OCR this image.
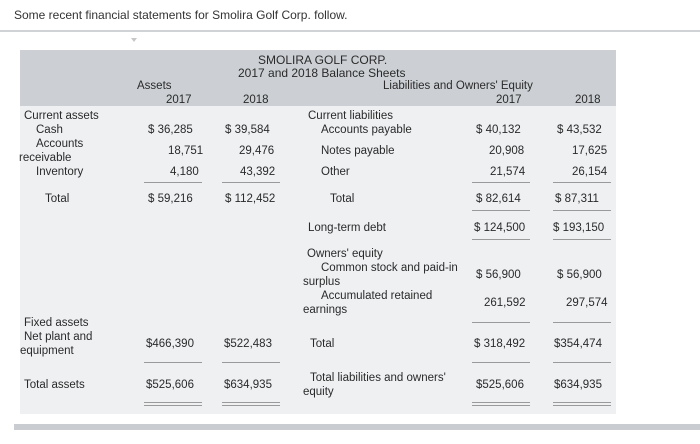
Some recent financial statements for Smolira Golf Corp. follow.
SMOLIRA GOLF CORP.
2017 and 2018 Balance Sheets
Assets	Liabilities and Owners' Equity
2017	2018	2017	2018
Current assets
Cash	$ 36,285	$ 39,584
Accounts
receivable
18,751	29,476
Inventory	4,180	43,392
Total	$ 59,216	$ 112,452
Fixed assets
Net plant and
equipment
$466,390	$522,483
Total assets	$525,606	$634,935
Current liabilities
Accounts payable	$ 40,132	$ 43,532
Notes payable	20,908	17,625
Other	21,574	26,154
Total	$ 82,614	$ 87,311
Long-term debt	$ 124,500 $ 193,150
Owners' equity
Common stock and paid-in
surplus
$ 56,900	$ 56,900
Accumulated retained
earnings
261,592	297,574
Total	$ 318,492	$354,474
Total liabilities and owners'
equity
$525,606	$634,935
